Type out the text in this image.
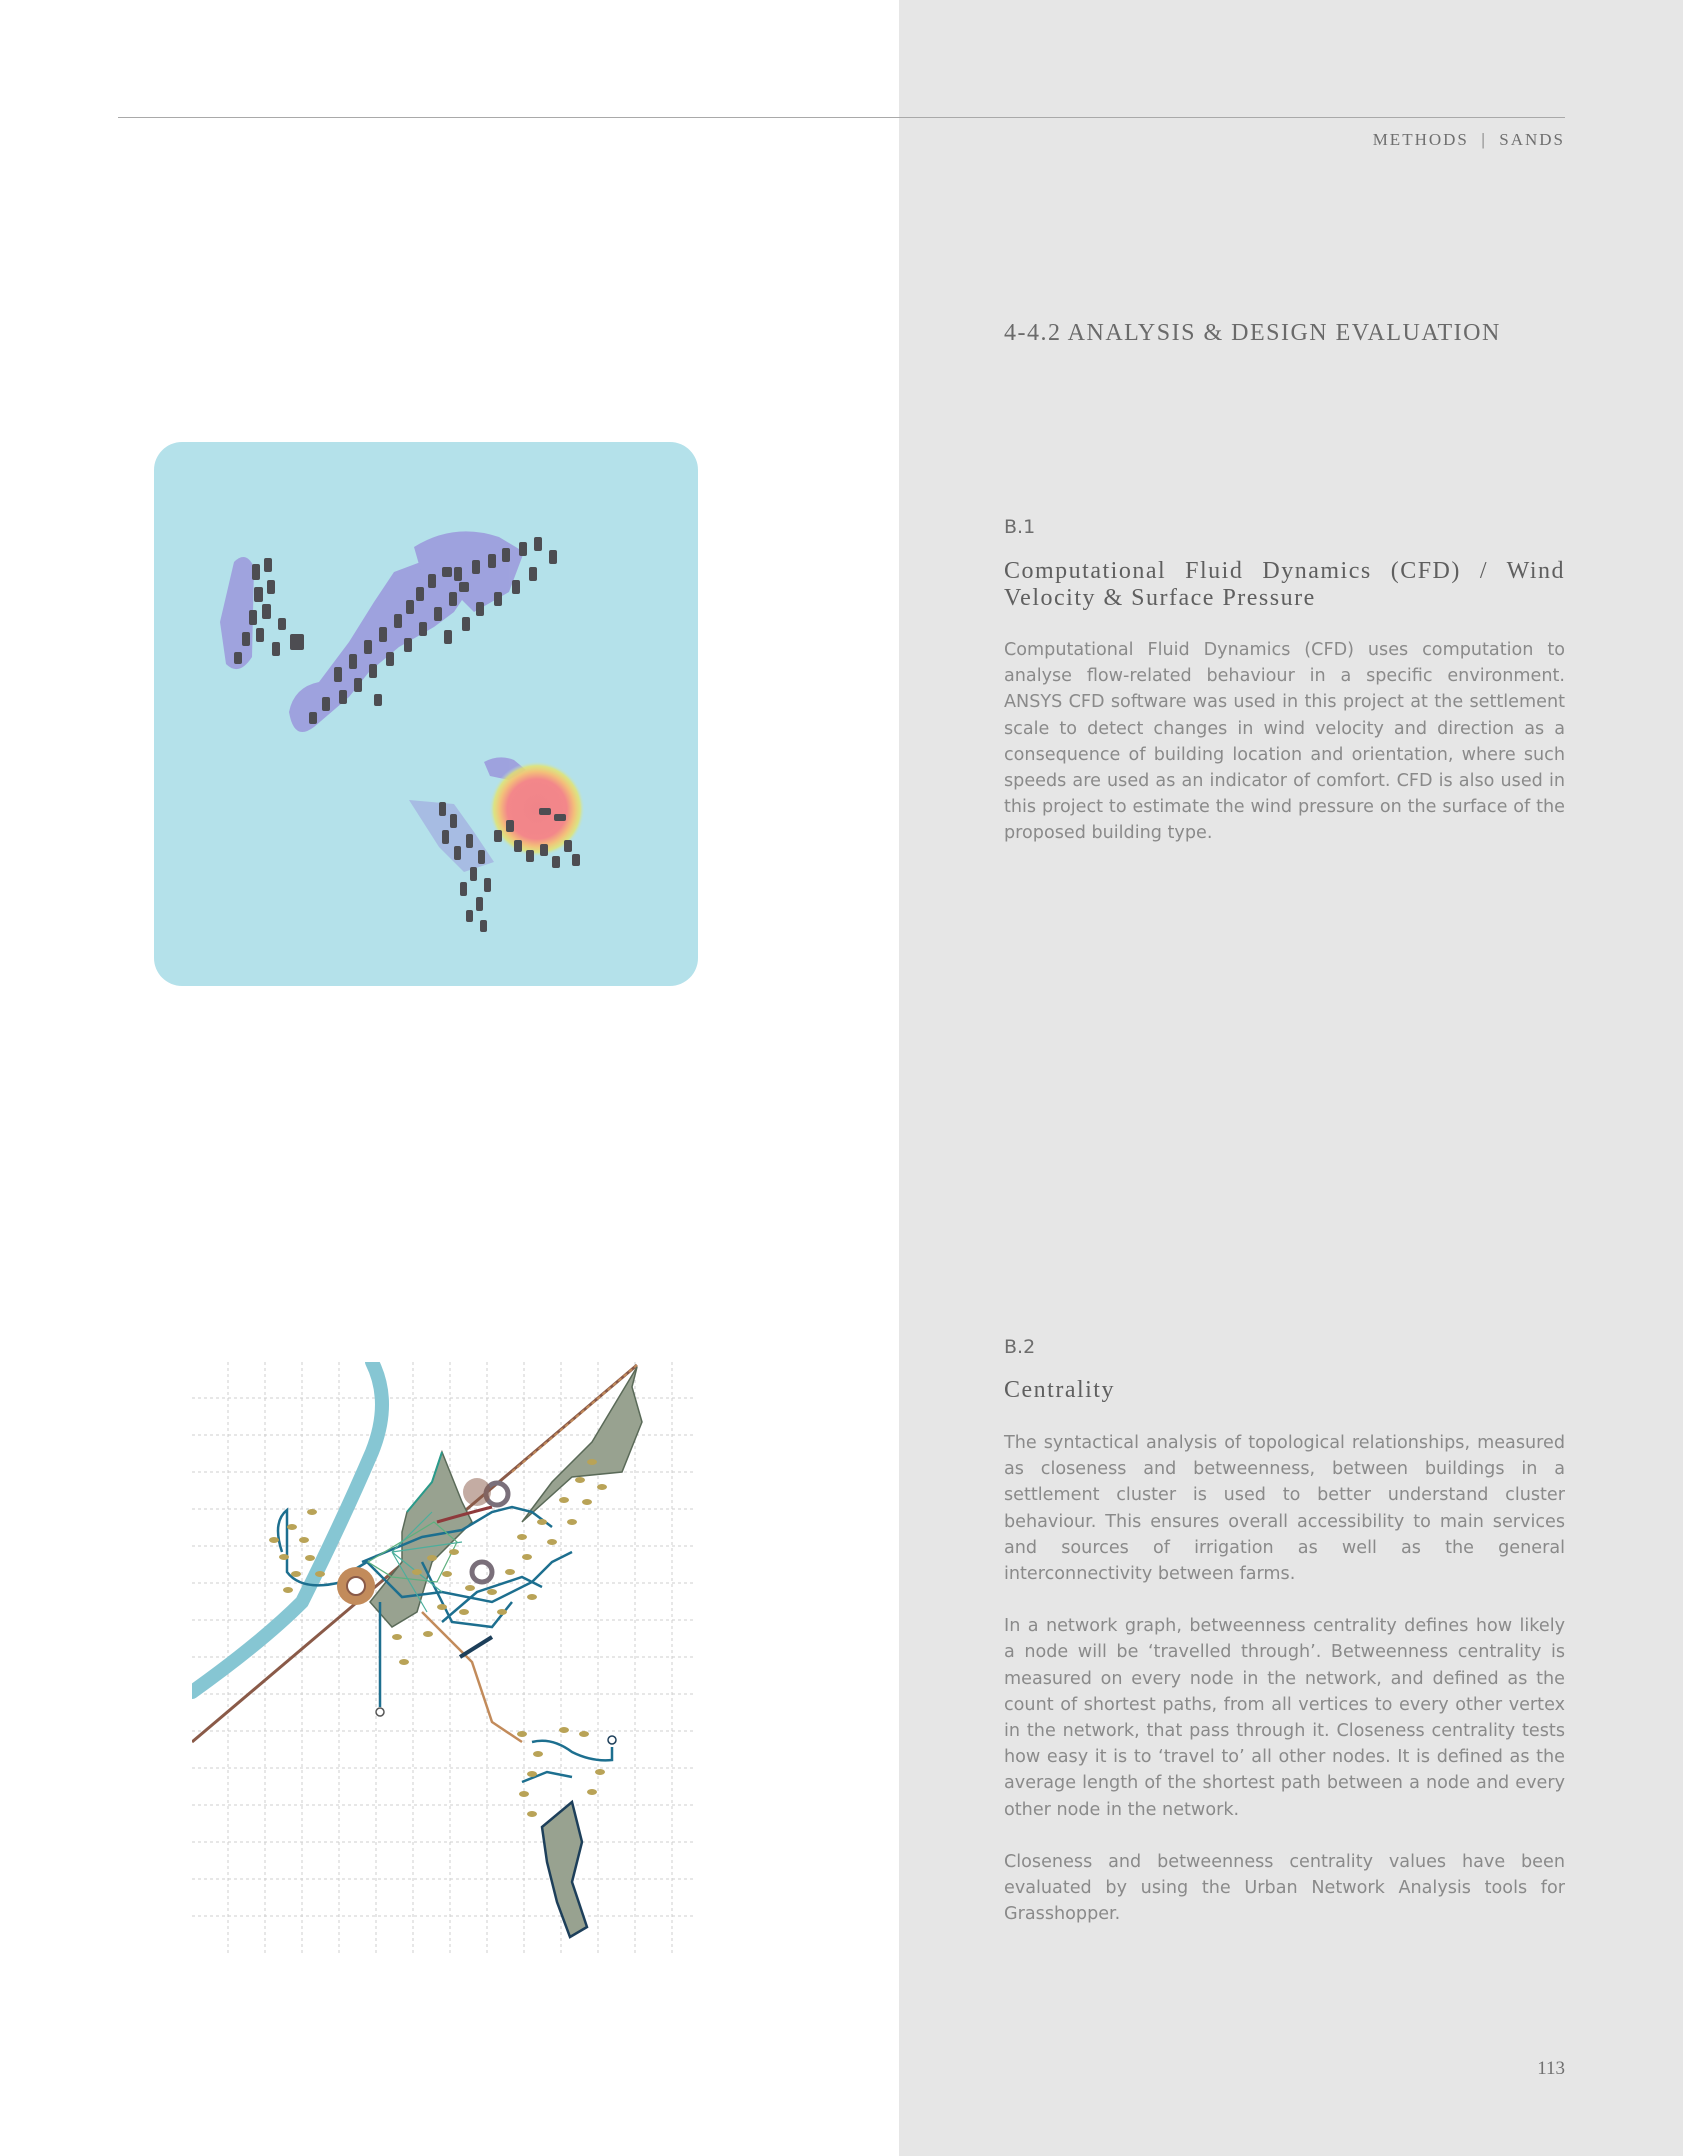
METHODS  |  SANDS
4-4.2 ANALYSIS & DESIGN EVALUATION
B.1
Computational Fluid Dynamics (CFD) / Wind Velocity & Surface Pressure

Computational Fluid Dynamics (CFD) uses computation to analyse flow-related behaviour in a specific environment. ANSYS CFD software was used in this project at the settlement scale to detect changes in wind velocity and direction as a consequence of building location and orientation, where such speeds are used as an indicator of comfort. CFD is also used in this project to estimate the wind pressure on the surface of the proposed building type.

B.2
Centrality

The syntactical analysis of topological relationships, measured as closeness and betweenness, between buildings in a settlement cluster is used to better understand cluster behaviour. This ensures overall accessibility to main services and sources of irrigation as well as the general interconnectivity between farms.

In a network graph, betweenness centrality defines how likely a node will be ‘travelled through’. Betweenness centrality is measured on every node in the network, and defined as the count of shortest paths, from all vertices to every other vertex in the network, that pass through it. Closeness centrality tests how easy it is to ‘travel to’ all other nodes. It is defined as the average length of the shortest path between a node and every other node in the network.

Closeness and betweenness centrality values have been evaluated by using the Urban Network Analysis tools for Grasshopper.

113
